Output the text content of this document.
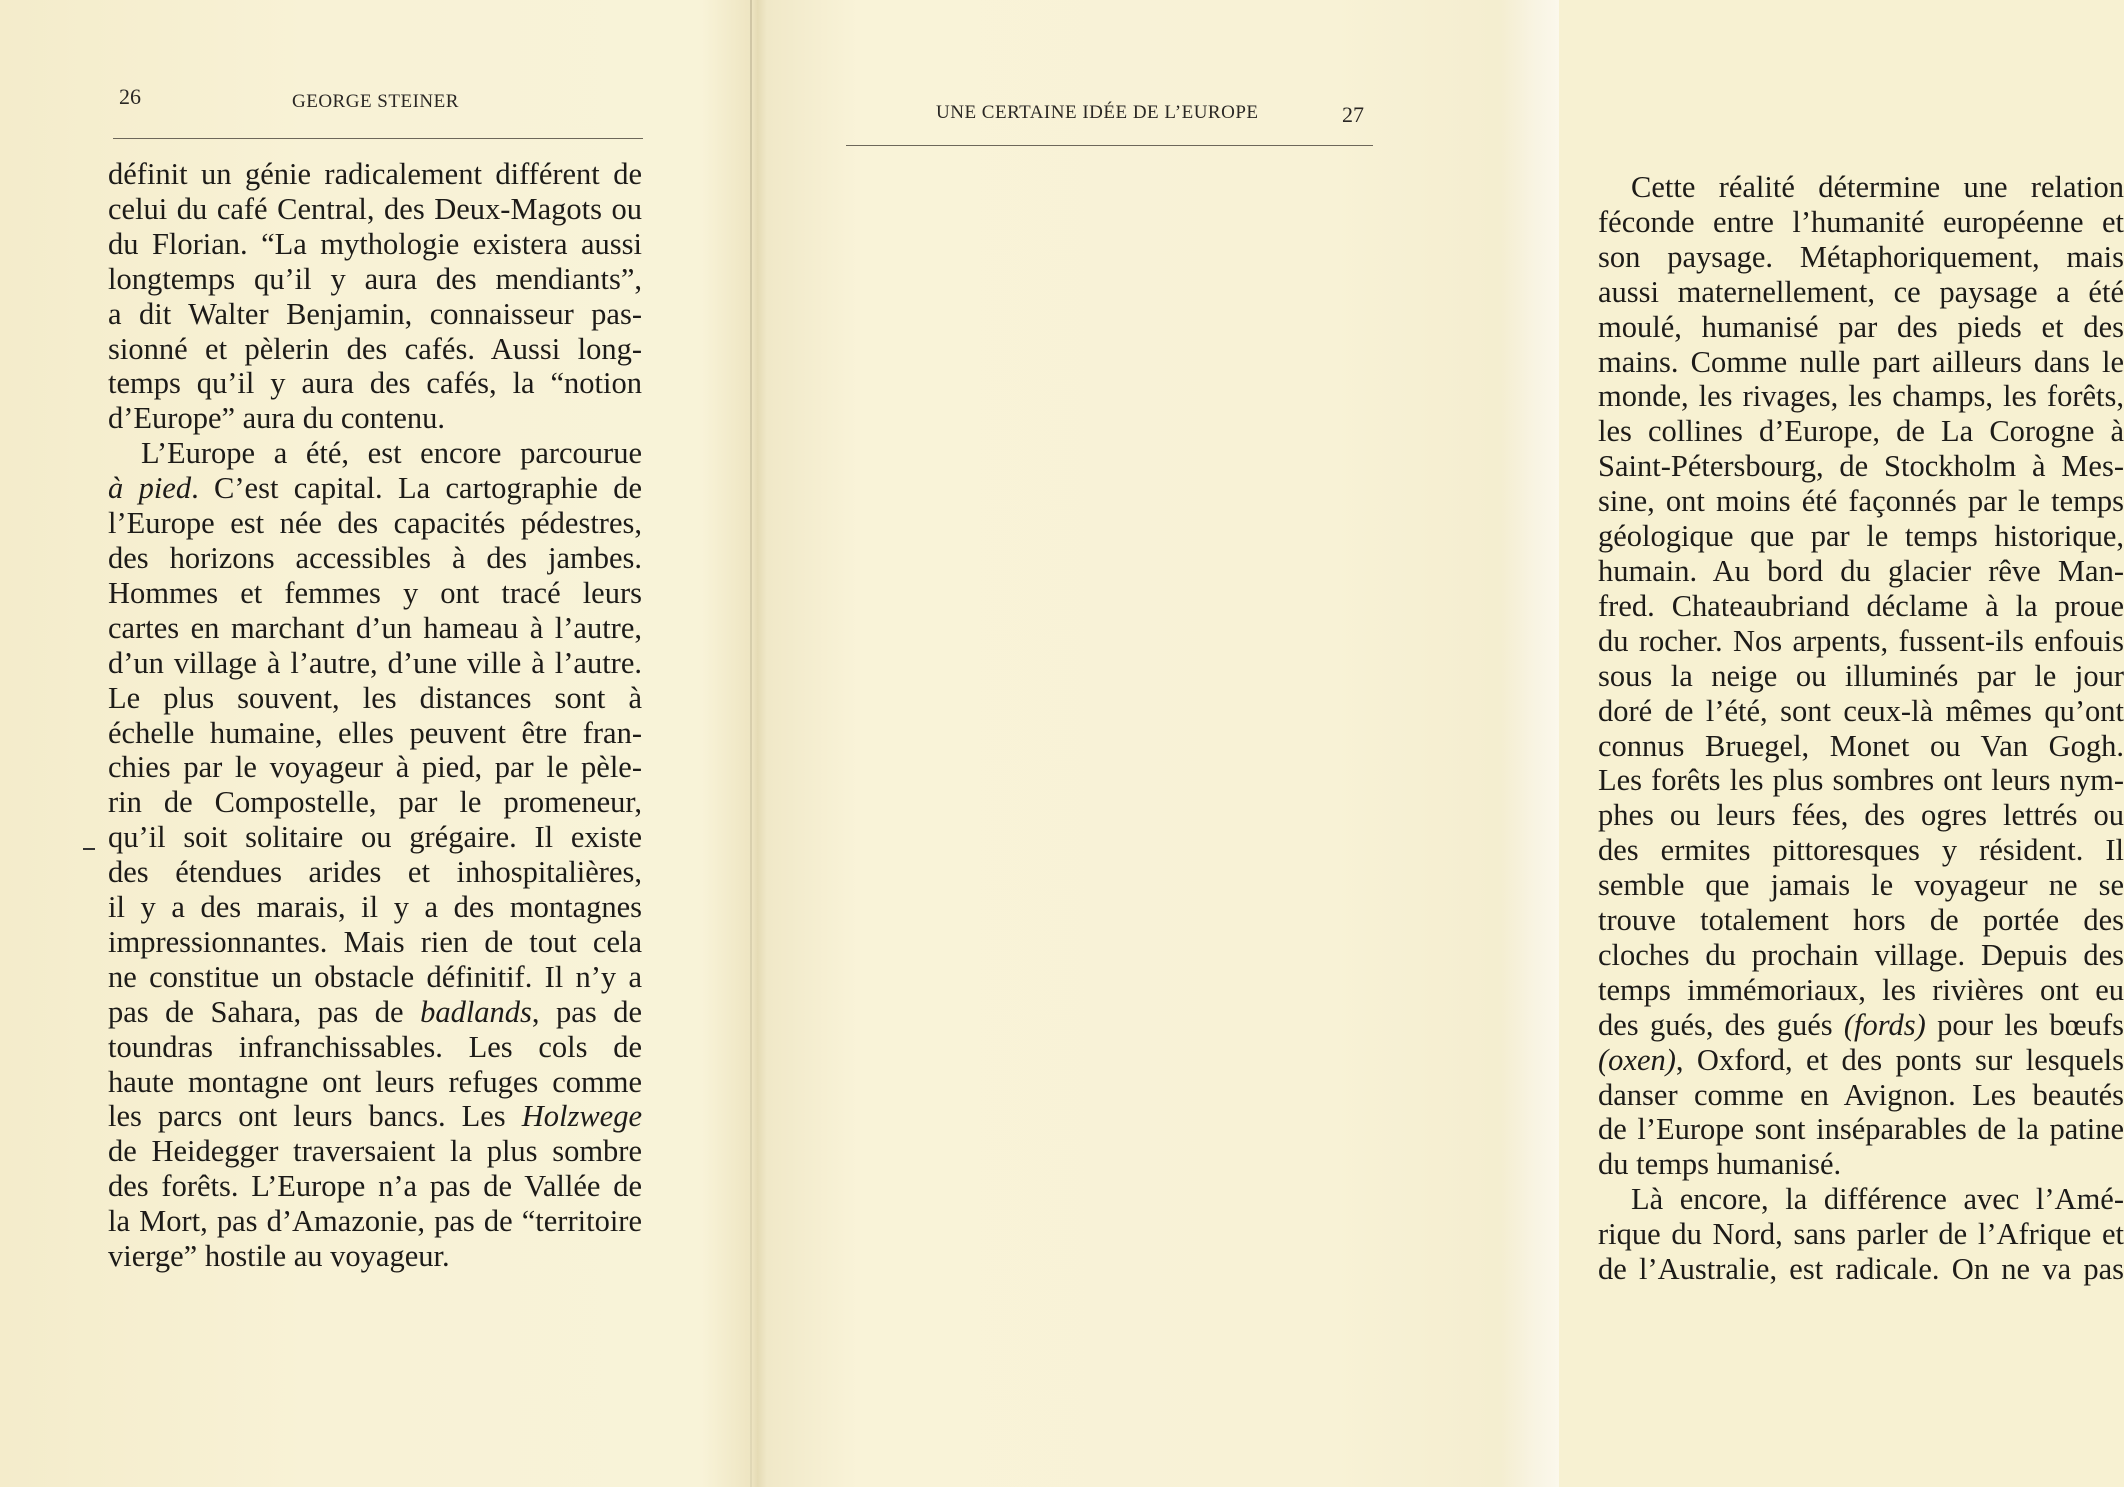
26	GEORGE STEINER
définit un génie radicalement différent de
celui du café Central, des Deux-Magots ou
du Florian. “La mythologie existera aussi
longtemps qu’il y aura des mendiants”,
a dit Walter Benjamin, connaisseur pas-
sionné et pèlerin des cafés. Aussi long-
temps qu’il y aura des cafés, la “notion
d’Europe” aura du contenu.
L’Europe a été, est encore parcourue
à pied. C’est capital. La cartographie de
l’Europe est née des capacités pédestres,
des horizons accessibles à des jambes.
Hommes et femmes y ont tracé leurs
cartes en marchant d’un hameau à l’autre,
d’un village à l’autre, d’une ville à l’autre.
Le plus souvent, les distances sont à
échelle humaine, elles peuvent être fran-
chies par le voyageur à pied, par le pèle-
rin de Compostelle, par le promeneur,
qu’il soit solitaire ou grégaire. Il existe
des étendues arides et inhospitalières,
il y a des marais, il y a des montagnes
impressionnantes. Mais rien de tout cela
ne constitue un obstacle définitif. Il n’y a
pas de Sahara, pas de badlands, pas de
toundras infranchissables. Les cols de
haute montagne ont leurs refuges comme
les parcs ont leurs bancs. Les Holzwege
de Heidegger traversaient la plus sombre
des forêts. L’Europe n’a pas de Vallée de
la Mort, pas d’Amazonie, pas de “territoire
vierge” hostile au voyageur.
UNE CERTAINE IDÉE DE L’EUROPE	27
Cette réalité détermine une relation
féconde entre l’humanité européenne et
son paysage. Métaphoriquement, mais
aussi maternellement, ce paysage a été
moulé, humanisé par des pieds et des
mains. Comme nulle part ailleurs dans le
monde, les rivages, les champs, les forêts,
les collines d’Europe, de La Corogne à
Saint-Pétersbourg, de Stockholm à Mes-
sine, ont moins été façonnés par le temps
géologique que par le temps historique,
humain. Au bord du glacier rêve Man-
fred. Chateaubriand déclame à la proue
du rocher. Nos arpents, fussent-ils enfouis
sous la neige ou illuminés par le jour
doré de l’été, sont ceux-là mêmes qu’ont
connus Bruegel, Monet ou Van Gogh.
Les forêts les plus sombres ont leurs nym-
phes ou leurs fées, des ogres lettrés ou
des ermites pittoresques y résident. Il
semble que jamais le voyageur ne se
trouve totalement hors de portée des
cloches du prochain village. Depuis des
temps immémoriaux, les rivières ont eu
des gués, des gués (fords) pour les bœufs
(oxen), Oxford, et des ponts sur lesquels
danser comme en Avignon. Les beautés
de l’Europe sont inséparables de la patine
du temps humanisé.
Là encore, la différence avec l’Amé-
rique du Nord, sans parler de l’Afrique et
de l’Australie, est radicale. On ne va pas
